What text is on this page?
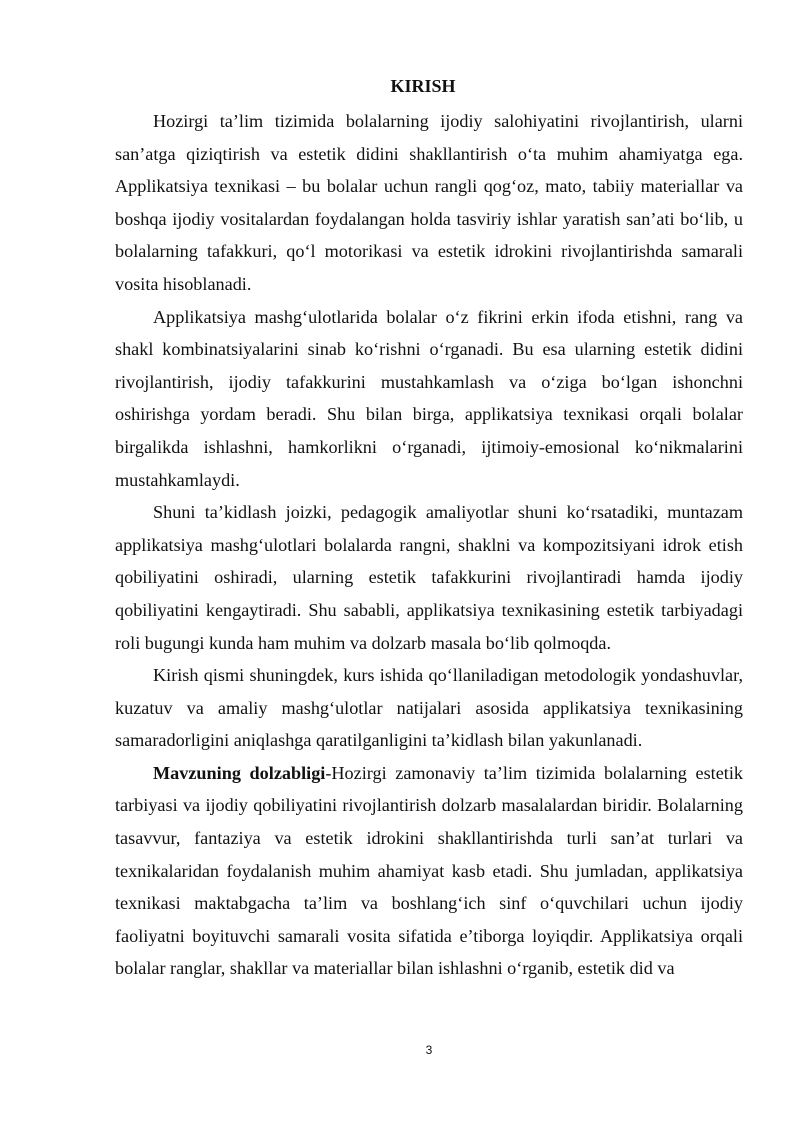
KIRISH

Hozirgi ta’lim tizimida bolalarning ijodiy salohiyatini rivojlantirish, ularni san’atga qiziqtirish va estetik didini shakllantirish o‘ta muhim ahamiyatga ega. Applikatsiya texnikasi – bu bolalar uchun rangli qog‘oz, mato, tabiiy materiallar va boshqa ijodiy vositalardan foydalangan holda tasviriy ishlar yaratish san’ati bo‘lib, u bolalarning tafakkuri, qo‘l motorikasi va estetik idrokini rivojlantirishda samarali vosita hisoblanadi.

Applikatsiya mashg‘ulotlarida bolalar o‘z fikrini erkin ifoda etishni, rang va shakl kombinatsiyalarini sinab ko‘rishni o‘rganadi. Bu esa ularning estetik didini rivojlantirish, ijodiy tafakkurini mustahkamlash va o‘ziga bo‘lgan ishonchni oshirishga yordam beradi. Shu bilan birga, applikatsiya texnikasi orqali bolalar birgalikda ishlashni, hamkorlikni o‘rganadi, ijtimoiy-emosional ko‘nikmalarini mustahkamlaydi.

Shuni ta’kidlash joizki, pedagogik amaliyotlar shuni ko‘rsatadiki, muntazam applikatsiya mashg‘ulotlari bolalarda rangni, shaklni va kompozitsiyani idrok etish qobiliyatini oshiradi, ularning estetik tafakkurini rivojlantiradi hamda ijodiy qobiliyatini kengaytiradi. Shu sababli, applikatsiya texnikasining estetik tarbiyadagi roli bugungi kunda ham muhim va dolzarb masala bo‘lib qolmoqda.

Kirish qismi shuningdek, kurs ishida qo‘llaniladigan metodologik yondashuvlar, kuzatuv va amaliy mashg‘ulotlar natijalari asosida applikatsiya texnikasining samaradorligini aniqlashga qaratilganligini ta’kidlash bilan yakunlanadi.

Mavzuning dolzabligi-Hozirgi zamonaviy ta’lim tizimida bolalarning estetik tarbiyasi va ijodiy qobiliyatini rivojlantirish dolzarb masalalardan biridir. Bolalarning tasavvur, fantaziya va estetik idrokini shakllantirishda turli san’at turlari va texnikalaridan foydalanish muhim ahamiyat kasb etadi. Shu jumladan, applikatsiya texnikasi maktabgacha ta’lim va boshlang‘ich sinf o‘quvchilari uchun ijodiy faoliyatni boyituvchi samarali vosita sifatida e’tiborga loyiqdir. Applikatsiya orqali bolalar ranglar, shakllar va materiallar bilan ishlashni o‘rganib, estetik did va

3
